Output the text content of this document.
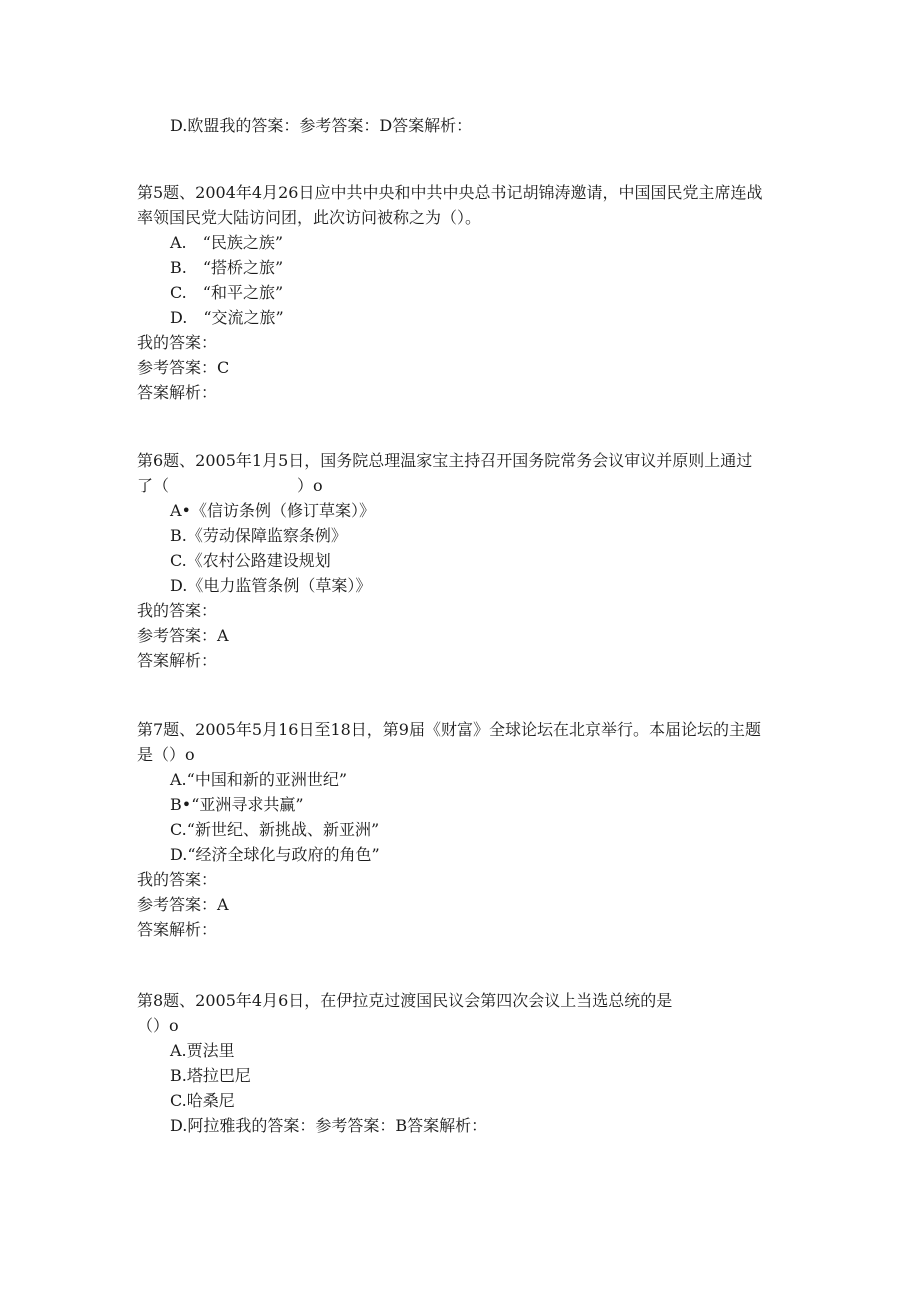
D.欧盟我的答案：参考答案：D答案解析：
第5题、2004年4月26日应中共中央和中共中央总书记胡锦涛邀请，中国国民党主席连战
率领国民党大陆访问团，此次访问被称之为（）。
A.　“民族之族”
B.　“搭桥之旅”
C.　“和平之旅”
D.　“交流之旅”
我的答案：
参考答案：C
答案解析：
第6题、2005年1月5日，国务院总理温家宝主持召开国务院常务会议审议并原则上通过
了（　　　　　　　　）o
A•《信访条例（修订草案）》
B.《劳动保障监察条例》
C.《农村公路建设规划
D.《电力监管条例（草案）》
我的答案：
参考答案：A
答案解析：
第7题、2005年5月16日至18日，第9届《财富》全球论坛在北京举行。本届论坛的主题
是（）o
A.“中国和新的亚洲世纪”
B•“亚洲寻求共赢”
C.“新世纪、新挑战、新亚洲”
D.“经济全球化与政府的角色”
我的答案：
参考答案：A
答案解析：
第8题、2005年4月6日，在伊拉克过渡国民议会第四次会议上当选总统的是
（）o
A.贾法里
B.塔拉巴尼
C.哈桑尼
D.阿拉雅我的答案：参考答案：B答案解析：
